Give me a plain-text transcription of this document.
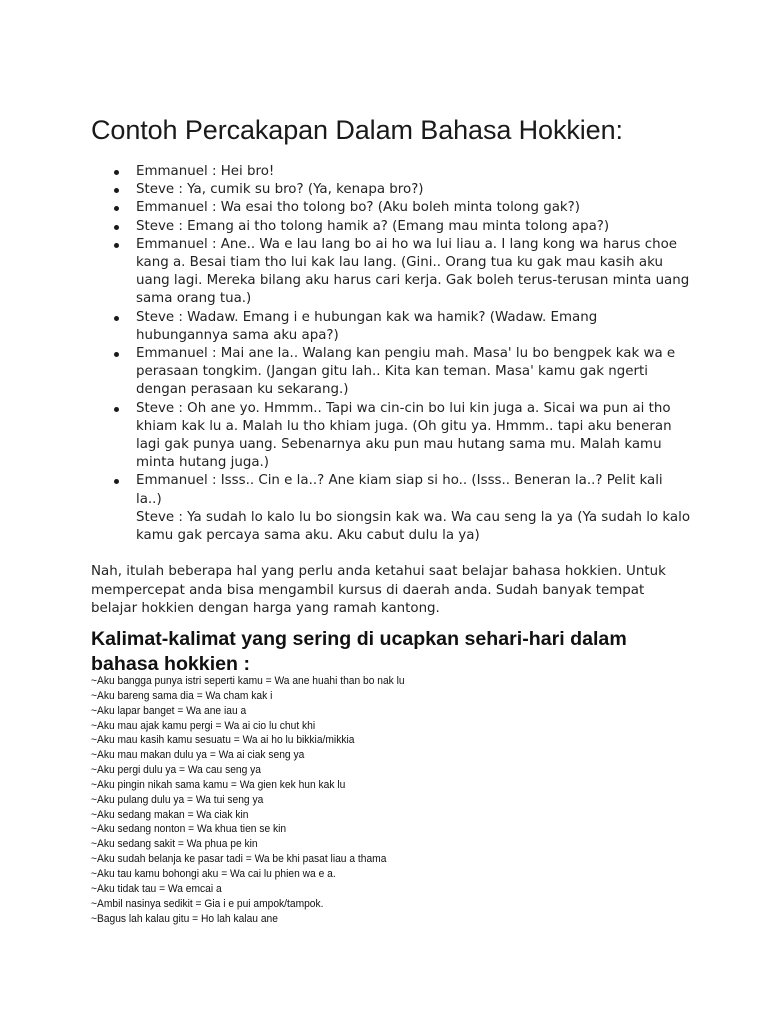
Contoh Percakapan Dalam Bahasa Hokkien:
Emmanuel : Hei bro!
Steve : Ya, cumik su bro? (Ya, kenapa bro?)
Emmanuel : Wa esai tho tolong bo? (Aku boleh minta tolong gak?)
Steve : Emang ai tho tolong hamik a? (Emang mau minta tolong apa?)
Emmanuel : Ane.. Wa e lau lang bo ai ho wa lui liau a. I lang kong wa harus choe kang a. Besai tiam tho lui kak lau lang. (Gini.. Orang tua ku gak mau kasih aku uang lagi. Mereka bilang aku harus cari kerja. Gak boleh terus-terusan minta uang sama orang tua.)
Steve : Wadaw. Emang i e hubungan kak wa hamik? (Wadaw. Emang hubungannya sama aku apa?)
Emmanuel : Mai ane la.. Walang kan pengiu mah. Masa' lu bo bengpek kak wa e perasaan tongkim. (Jangan gitu lah.. Kita kan teman. Masa' kamu gak ngerti dengan perasaan ku sekarang.)
Steve : Oh ane yo. Hmmm.. Tapi wa cin-cin bo lui kin juga a. Sicai wa pun ai tho khiam kak lu a. Malah lu tho khiam juga. (Oh gitu ya. Hmmm.. tapi aku beneran lagi gak punya uang. Sebenarnya aku pun mau hutang sama mu. Malah kamu minta hutang juga.)
Emmanuel : Isss.. Cin e la..? Ane kiam siap si ho.. (Isss.. Beneran la..? Pelit kali la..)
Steve : Ya sudah lo kalo lu bo siongsin kak wa. Wa cau seng la ya (Ya sudah lo kalo kamu gak percaya sama aku. Aku cabut dulu la ya)

Nah, itulah beberapa hal yang perlu anda ketahui saat belajar bahasa hokkien. Untuk mempercepat anda bisa mengambil kursus di daerah anda. Sudah banyak tempat belajar hokkien dengan harga yang ramah kantong.

Kalimat-kalimat yang sering di ucapkan sehari-hari dalam bahasa hokkien :
~Aku bangga punya istri seperti kamu = Wa ane huahi than bo nak lu
~Aku bareng sama dia = Wa cham kak i
~Aku lapar banget = Wa ane iau a
~Aku mau ajak kamu pergi = Wa ai cio lu chut khi
~Aku mau kasih kamu sesuatu = Wa ai ho lu bikkia/mikkia
~Aku mau makan dulu ya = Wa ai ciak seng ya
~Aku pergi dulu ya = Wa cau seng ya
~Aku pingin nikah sama kamu = Wa gien kek hun kak lu
~Aku pulang dulu ya = Wa tui seng ya
~Aku sedang makan = Wa ciak kin
~Aku sedang nonton = Wa khua tien se kin
~Aku sedang sakit = Wa phua pe kin
~Aku sudah belanja ke pasar tadi = Wa be khi pasat liau a thama
~Aku tau kamu bohongi aku = Wa cai lu phien wa e a.
~Aku tidak tau = Wa emcai a
~Ambil nasinya sedikit = Gia i e pui ampok/tampok.
~Bagus lah kalau gitu = Ho lah kalau ane
